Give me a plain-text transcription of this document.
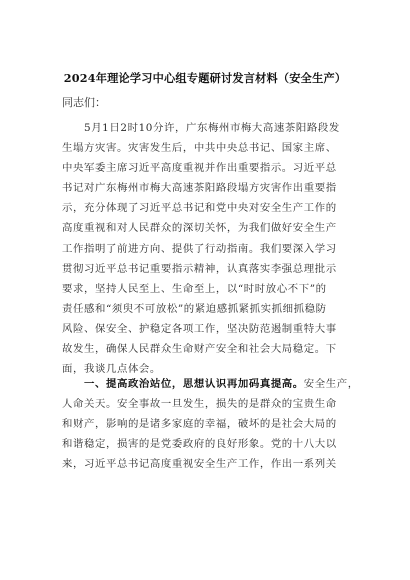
2024年理论学习中心组专题研讨发言材料（安全生产）
同志们：
　　5月1日2时10分许，广东梅州市梅大高速茶阳路段发
生塌方灾害。灾害发生后，中共中央总书记、国家主席、
中央军委主席习近平高度重视并作出重要指示。习近平总
书记对广东梅州市梅大高速茶阳路段塌方灾害作出重要指
示，充分体现了习近平总书记和党中央对安全生产工作的
高度重视和对人民群众的深切关怀，为我们做好安全生产
工作指明了前进方向、提供了行动指南。我们要深入学习
贯彻习近平总书记重要指示精神，认真落实李强总理批示
要求，坚持人民至上、生命至上，以“时时放心不下”的
责任感和“须臾不可放松”的紧迫感抓紧抓实抓细抓稳防
风险、保安全、护稳定各项工作，坚决防范遏制重特大事
故发生，确保人民群众生命财产安全和社会大局稳定。下
面，我谈几点体会。
　　一、提高政治站位，思想认识再加码真提高。安全生产，
人命关天。安全事故一旦发生，损失的是群众的宝贵生命
和财产，影响的是诸多家庭的幸福，破坏的是社会大局的
和谐稳定，损害的是党委政府的良好形象。党的十八大以
来，习近平总书记高度重视安全生产工作，作出一系列关
